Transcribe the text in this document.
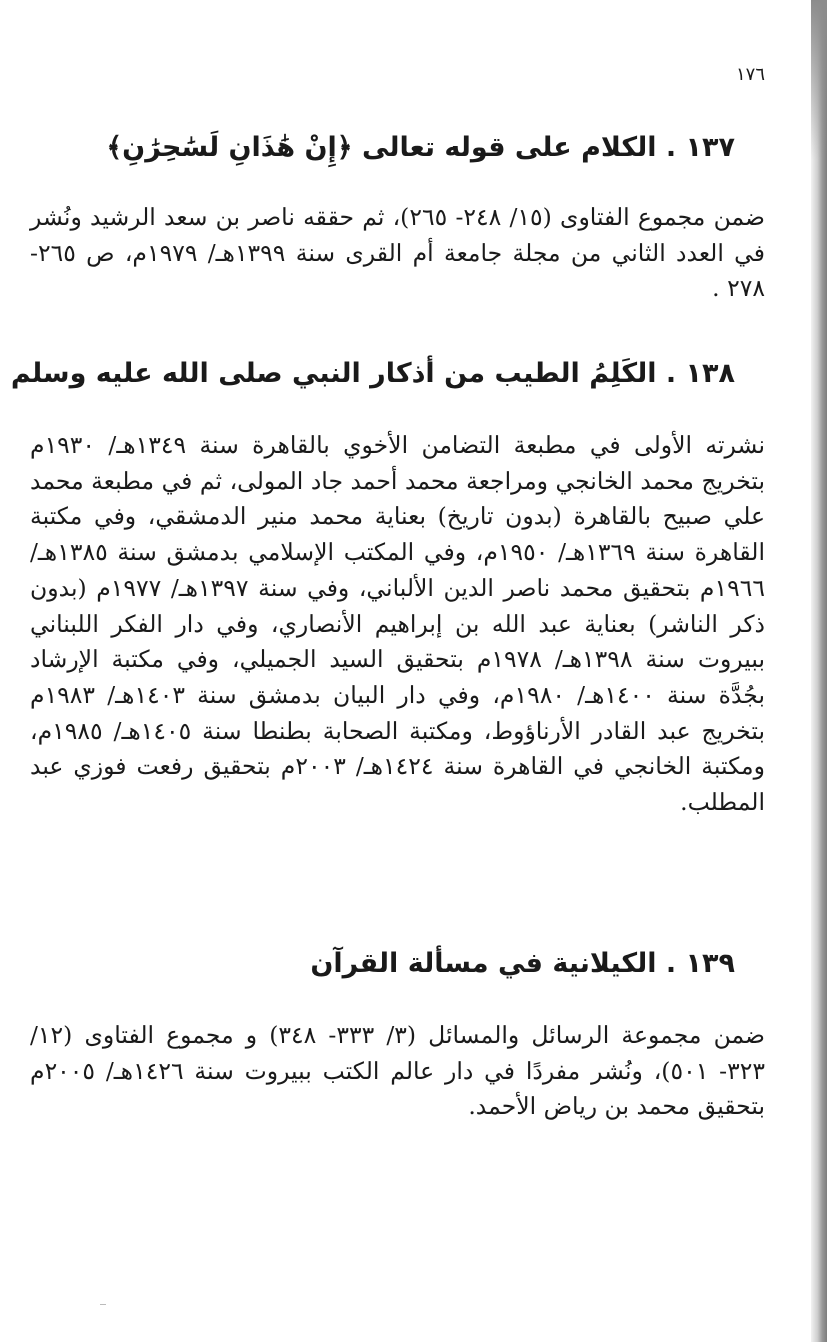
١٧٦
١٣٧ . الكلام على قوله تعالى ﴿إِنْ هَٰذَانِ لَسَٰحِرَٰنِ﴾

ضمن مجموع الفتاوى (١٥/ ٢٤٨- ٢٦٥)، ثم حققه ناصر بن سعد الرشيد ونُشر في العدد الثاني من مجلة جامعة أم القرى سنة ١٣٩٩هـ/ ١٩٧٩م، ص ٢٦٥- ٢٧٨ .

١٣٨ . الكَلِمُ الطيب من أذكار النبي صلى الله عليه وسلم

نشرته الأولى في مطبعة التضامن الأخوي بالقاهرة سنة ١٣٤٩هـ/ ١٩٣٠م بتخريج محمد الخانجي ومراجعة محمد أحمد جاد المولى، ثم في مطبعة محمد علي صبيح بالقاهرة (بدون تاريخ) بعناية محمد منير الدمشقي، وفي مكتبة القاهرة سنة ١٣٦٩هـ/ ١٩٥٠م، وفي المكتب الإسلامي بدمشق سنة ١٣٨٥هـ/ ١٩٦٦م بتحقيق محمد ناصر الدين الألباني، وفي سنة ١٣٩٧هـ/ ١٩٧٧م (بدون ذكر الناشر) بعناية عبد الله بن إبراهيم الأنصاري، وفي دار الفكر اللبناني ببيروت سنة ١٣٩٨هـ/ ١٩٧٨م بتحقيق السيد الجميلي، وفي مكتبة الإرشاد بجُدَّة سنة ١٤٠٠هـ/ ١٩٨٠م، وفي دار البيان بدمشق سنة ١٤٠٣هـ/ ١٩٨٣م بتخريج عبد القادر الأرناؤوط، ومكتبة الصحابة بطنطا سنة ١٤٠٥هـ/ ١٩٨٥م، ومكتبة الخانجي في القاهرة سنة ١٤٢٤هـ/ ٢٠٠٣م بتحقيق رفعت فوزي عبد المطلب.

١٣٩ . الكيلانية في مسألة القرآن

ضمن مجموعة الرسائل والمسائل (٣/ ٣٣٣- ٣٤٨) و مجموع الفتاوى (١٢/ ٣٢٣- ٥٠١)، ونُشر مفردًا في دار عالم الكتب ببيروت سنة ١٤٢٦هـ/ ٢٠٠٥م بتحقيق محمد بن رياض الأحمد.
